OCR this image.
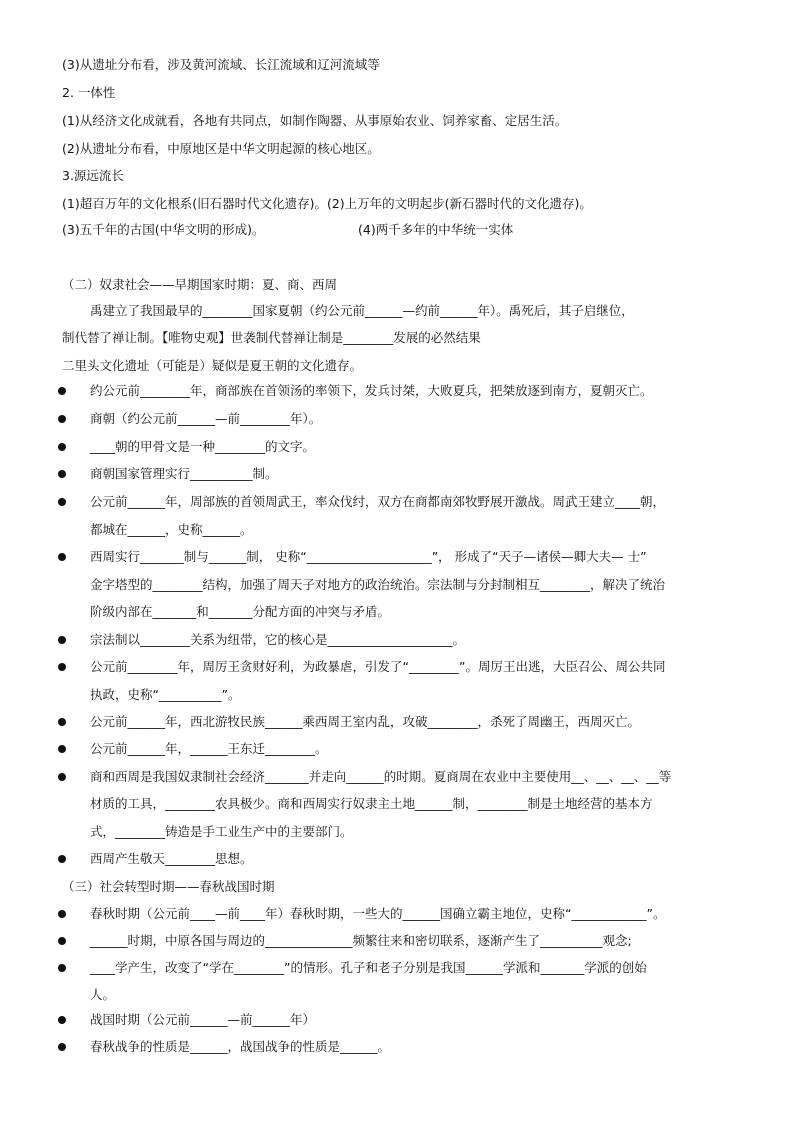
(3)从遗址分布看，涉及黄河流域、长江流域和辽河流域等
2. 一体性
(1)从经济文化成就看，各地有共同点，如制作陶器、从事原始农业、饲养家畜、定居生活。
(2)从遗址分布看，中原地区是中华文明起源的核心地区。
3.源远流长
(1)超百万年的文化根系(旧石器时代文化遗存)。(2)上万年的文明起步(新石器时代的文化遗存)。
(3)五千年的古国(中华文明的形成)。	(4)两千多年的中华统一实体
（二）奴隶社会——早期国家时期：夏、商、西周
禹建立了我国最早的________国家夏朝（约公元前______—约前______年）。禹死后，其子启继位，
制代替了禅让制。【唯物史观】世袭制代替禅让制是________发展的必然结果
二里头文化遗址（可能是）疑似是夏王朝的文化遗存。
约公元前________年，商部族在首领汤的率领下，发兵讨桀，大败夏兵，把桀放逐到南方，夏朝灭亡。
商朝（约公元前______—前________年）。
____朝的甲骨文是一种________的文字。
商朝国家管理实行__________制。
公元前______年，周部族的首领周武王，率众伐纣，双方在商都南郊牧野展开激战。周武王建立____朝，
都城在______，史称______。
西周实行_______制与______制， 史称“____________________”， 形成了“天子—诸侯—卿大夫— 士”
金字塔型的________结构，加强了周天子对地方的政治统治。宗法制与分封制相互________，解决了统治
阶级内部在_______和_______分配方面的冲突与矛盾。
宗法制以________关系为纽带，它的核心是____________________。
公元前________年，周厉王贪财好利，为政暴虐，引发了“________”。周厉王出逃，大臣召公、周公共同
执政，史称“__________”。
公元前______年，西北游牧民族______乘西周王室内乱，攻破________，杀死了周幽王，西周灭亡。
公元前______年，______王东迁________。
商和西周是我国奴隶制社会经济_______并走向______的时期。夏商周在农业中主要使用__、__、__、__等
材质的工具，________农具极少。商和西周实行奴隶主土地______制，________制是土地经营的基本方
式，________铸造是手工业生产中的主要部门。
西周产生敬天________思想。
（三）社会转型时期——春秋战国时期
春秋时期（公元前____—前____年）春秋时期，一些大的______国确立霸主地位，史称“____________”。
______时期，中原各国与周边的______________频繁往来和密切联系，逐渐产生了__________观念;
____学产生，改变了“学在________”的情形。孔子和老子分别是我国______学派和_______学派的创始
人。
战国时期（公元前______—前______年）
春秋战争的性质是______，战国战争的性质是______。
